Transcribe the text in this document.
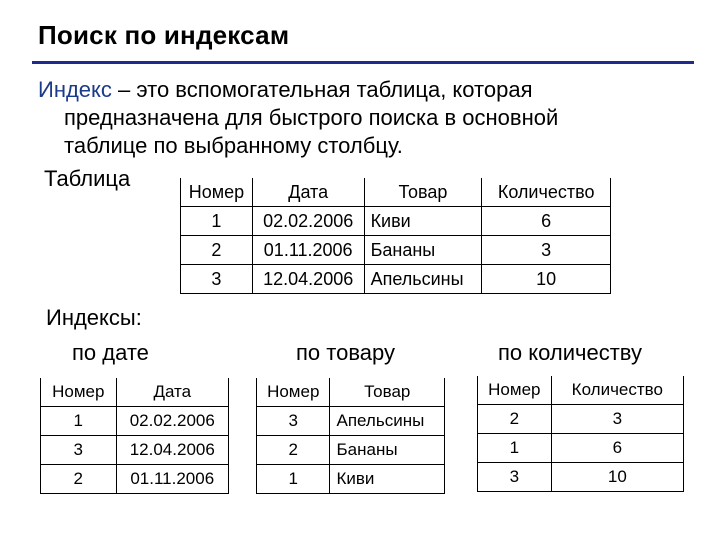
Поиск по индексам
Индекс – это вспомогательная таблица, которая
предназначена для быстрого поиска в основной
таблице по выбранному столбцу.
Таблица
Номер	Дата	Товар	Количество
1	02.02.2006	Киви	6
2	01.11.2006	Бананы	3
3	12.04.2006	Апельсины	10
Индексы:
по дате	по товару	по количеству
Номер	Дата
1	02.02.2006
3	12.04.2006
2	01.11.2006
Номер	Товар
3	Апельсины
2	Бананы
1	Киви
Номер	Количество
2	3
1	6
3	10
